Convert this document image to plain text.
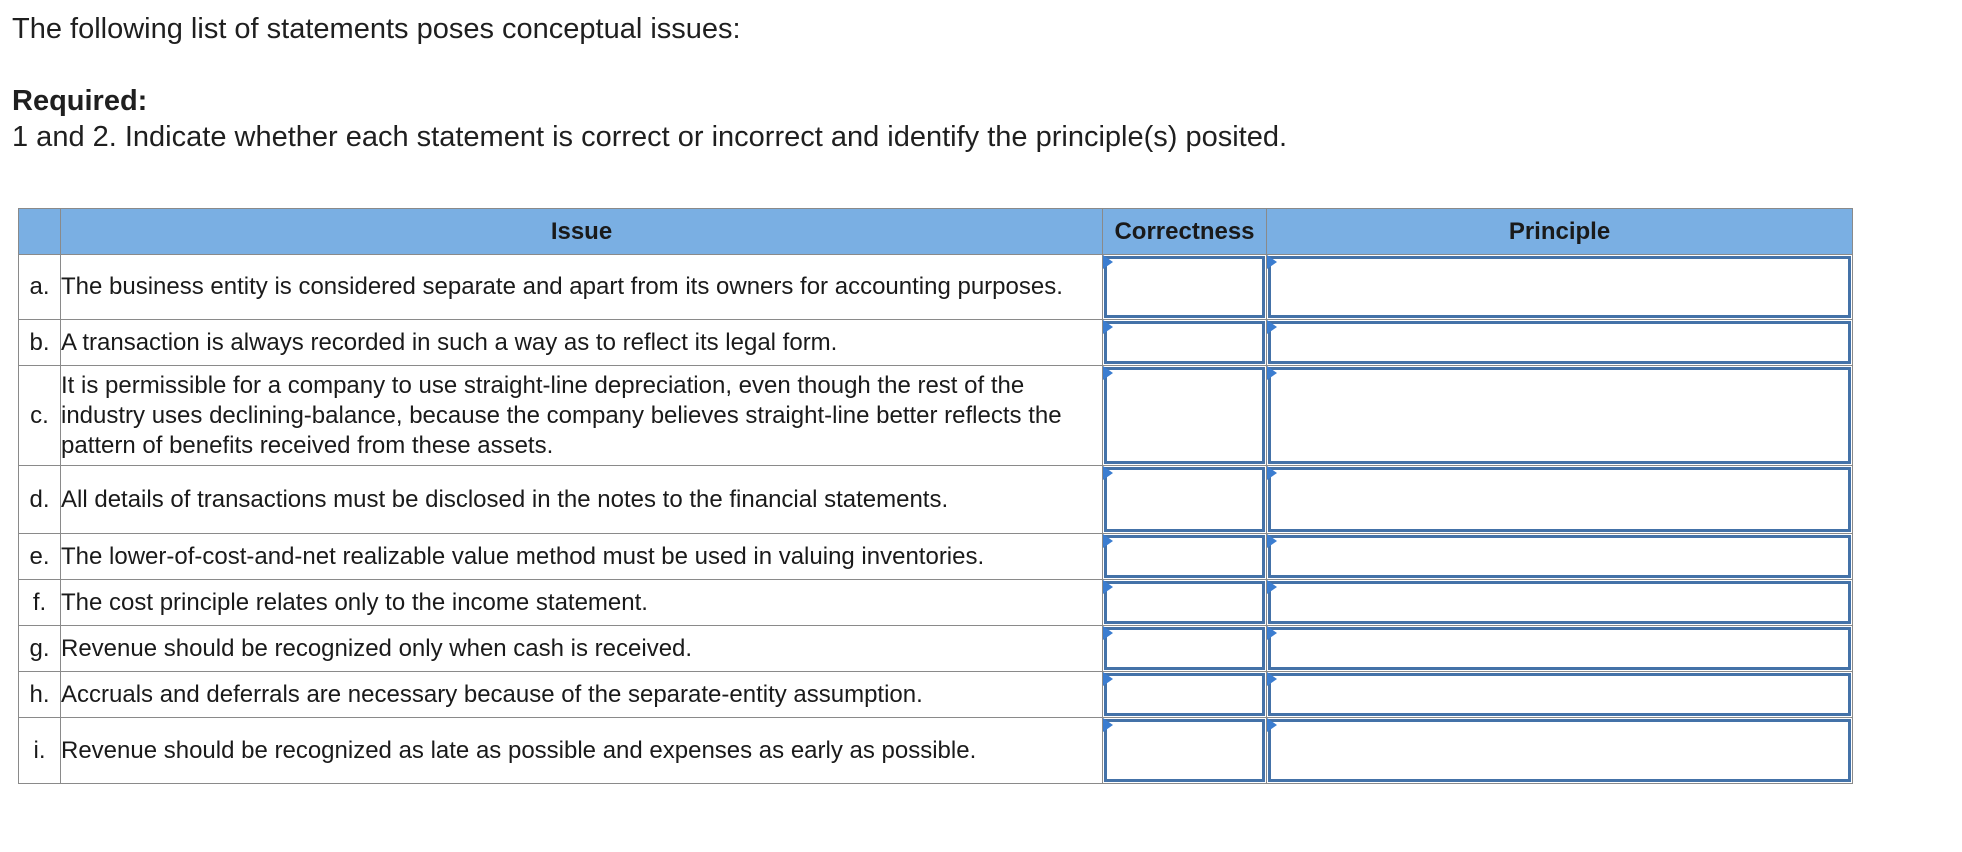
The following list of statements poses conceptual issues:
Required:
1 and 2. Indicate whether each statement is correct or incorrect and identify the principle(s) posited.
	Issue	Correctness	Principle
a.	The business entity is considered separate and apart from its owners for accounting purposes.	

b.	A transaction is always recorded in such a way as to reflect its legal form.	

c.	It is permissible for a company to use straight-line depreciation, even though the rest of the industry uses declining-balance, because the company believes straight-line better reflects the pattern of benefits received from these assets.	

d.	All details of transactions must be disclosed in the notes to the financial statements.	

e.	The lower-of-cost-and-net realizable value method must be used in valuing inventories.	

f.	The cost principle relates only to the income statement.	

g.	Revenue should be recognized only when cash is received.	

h.	Accruals and deferrals are necessary because of the separate-entity assumption.	

i.	Revenue should be recognized as late as possible and expenses as early as possible.	
